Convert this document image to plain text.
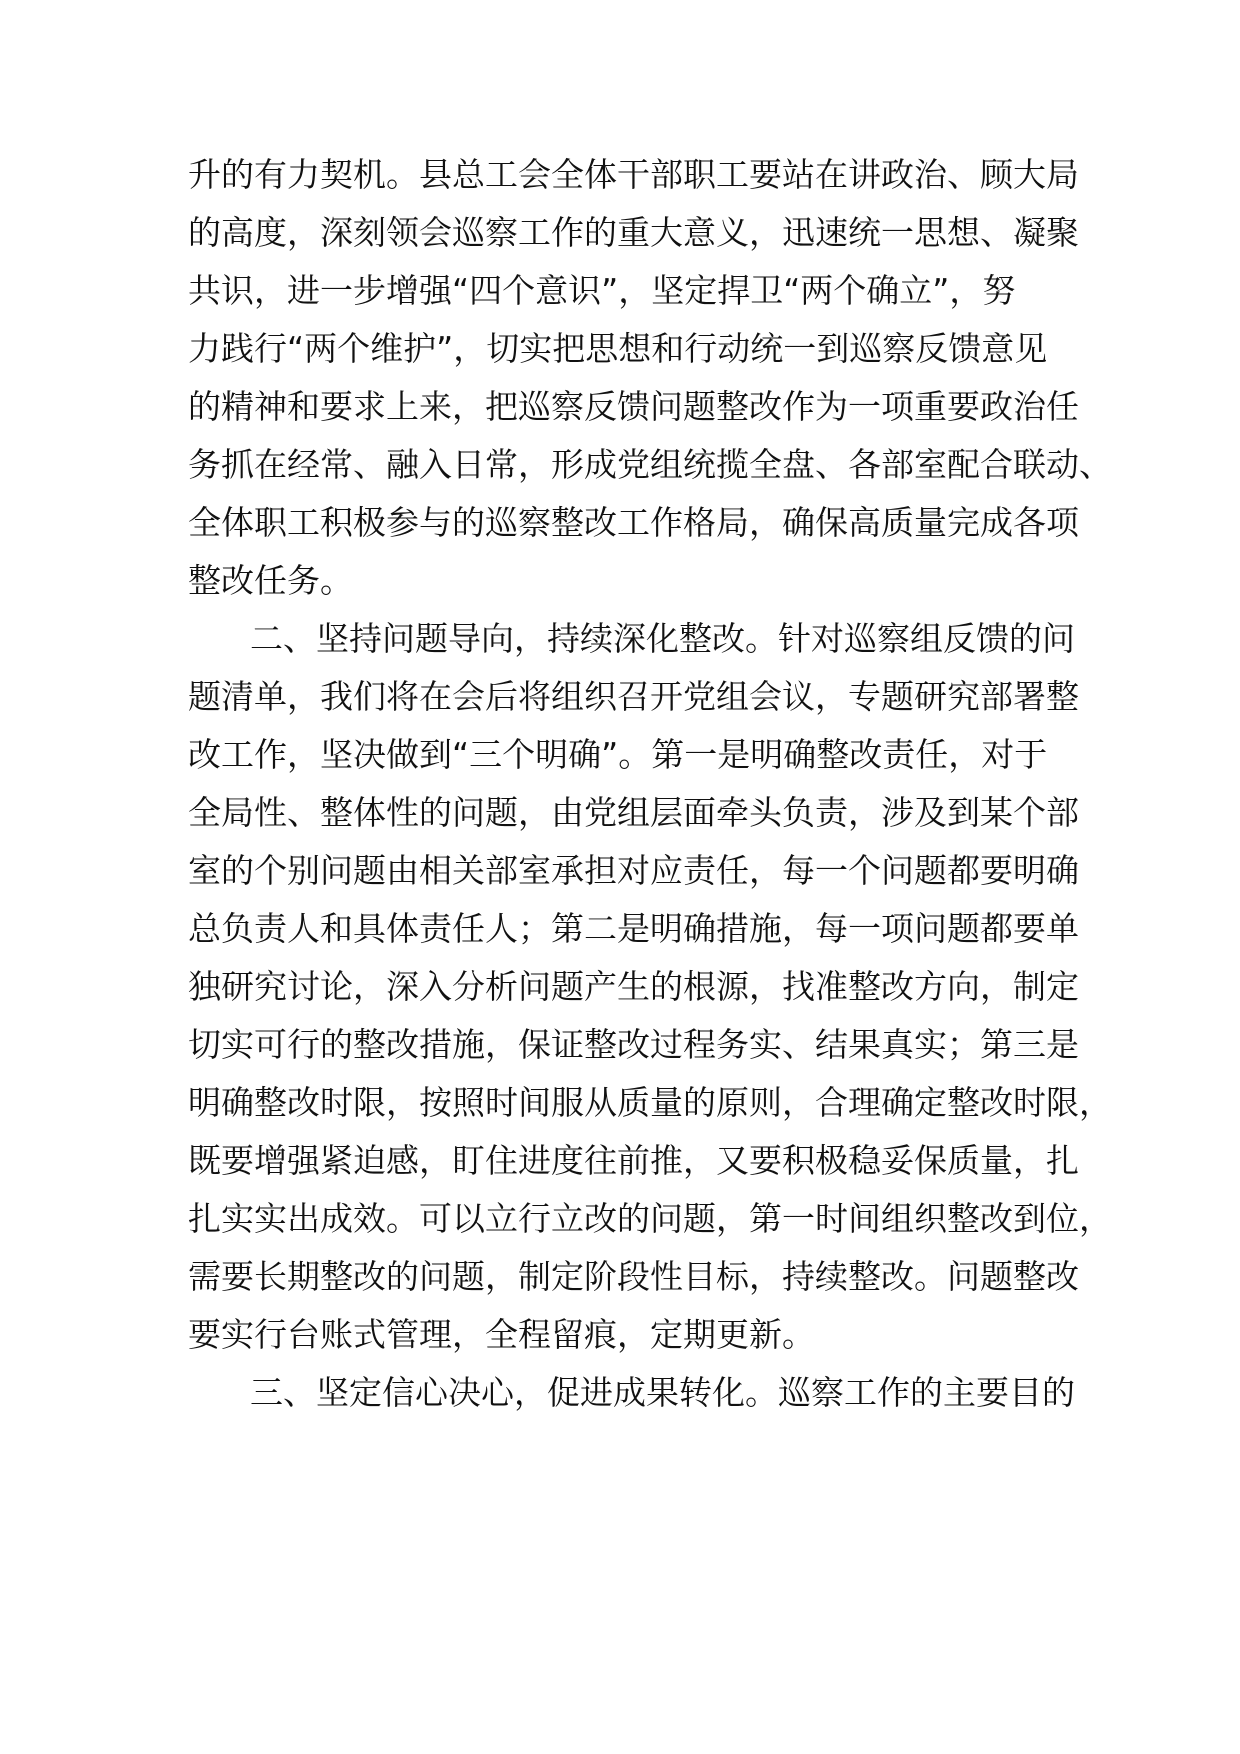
升的有力契机。县总工会全体干部职工要站在讲政治、顾大局

的高度，深刻领会巡察工作的重大意义，迅速统一思想、凝聚

共识，进一步增强“四个意识”，坚定捍卫“两个确立”，努

力践行“两个维护”，切实把思想和行动统一到巡察反馈意见

的精神和要求上来，把巡察反馈问题整改作为一项重要政治任

务抓在经常、融入日常，形成党组统揽全盘、各部室配合联动、

全体职工积极参与的巡察整改工作格局，确保高质量完成各项

整改任务。

二、坚持问题导向，持续深化整改。针对巡察组反馈的问

题清单，我们将在会后将组织召开党组会议，专题研究部署整

改工作，坚决做到“三个明确”。第一是明确整改责任，对于

全局性、整体性的问题，由党组层面牵头负责，涉及到某个部

室的个别问题由相关部室承担对应责任，每一个问题都要明确

总负责人和具体责任人；第二是明确措施，每一项问题都要单

独研究讨论，深入分析问题产生的根源，找准整改方向，制定

切实可行的整改措施，保证整改过程务实、结果真实；第三是

明确整改时限，按照时间服从质量的原则，合理确定整改时限，

既要增强紧迫感，盯住进度往前推，又要积极稳妥保质量，扎

扎实实出成效。可以立行立改的问题，第一时间组织整改到位，

需要长期整改的问题，制定阶段性目标，持续整改。问题整改

要实行台账式管理，全程留痕，定期更新。

三、坚定信心决心，促进成果转化。巡察工作的主要目的
